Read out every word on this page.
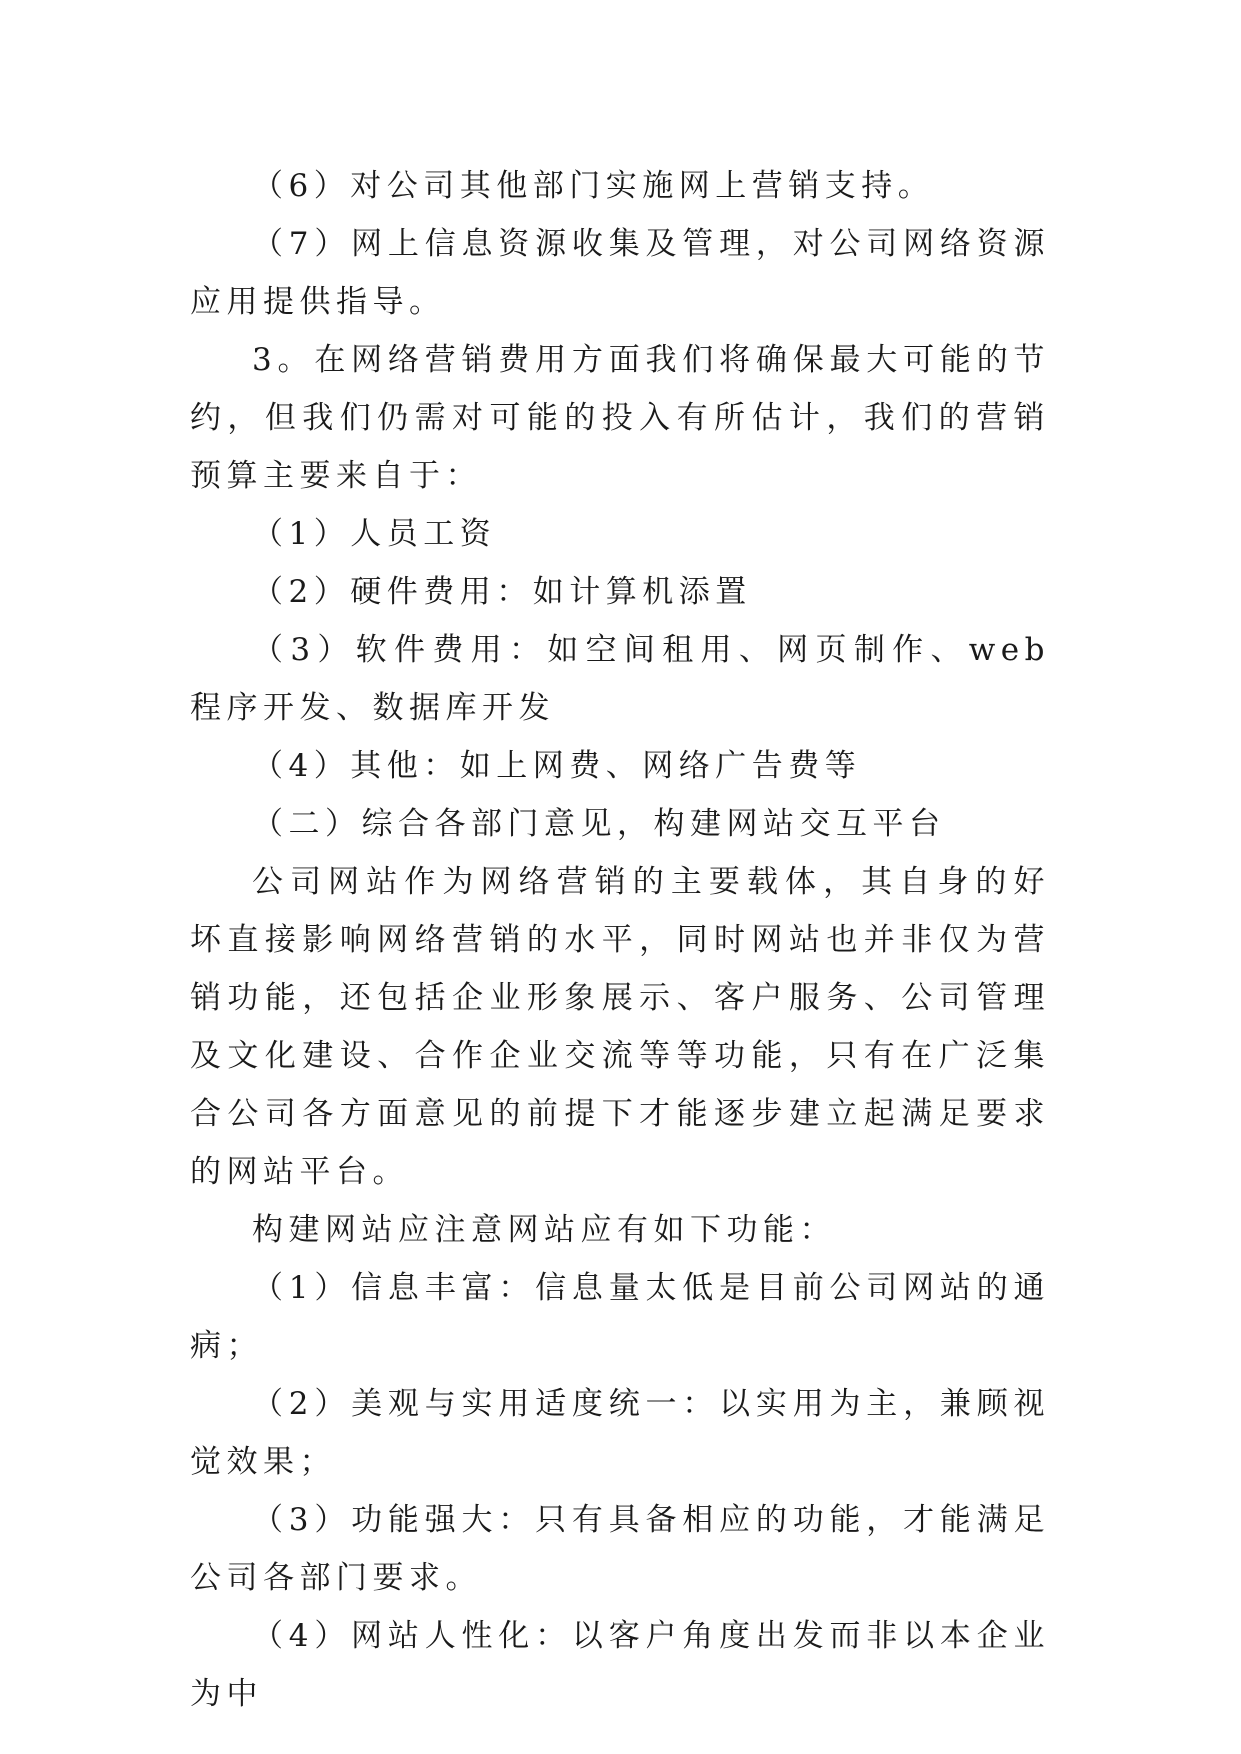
（6）对公司其他部门实施网上营销支持。

（7）网上信息资源收集及管理，对公司网络资源应用提供指导。

3。在网络营销费用方面我们将确保最大可能的节约，但我们仍需对可能的投入有所估计，我们的营销预算主要来自于：

（1）人员工资

（2）硬件费用：如计算机添置

（3）软件费用：如空间租用、网页制作、web程序开发、数据库开发

（4）其他：如上网费、网络广告费等

（二）综合各部门意见，构建网站交互平台

公司网站作为网络营销的主要载体，其自身的好坏直接影响网络营销的水平，同时网站也并非仅为营销功能，还包括企业形象展示、客户服务、公司管理及文化建设、合作企业交流等等功能，只有在广泛集合公司各方面意见的前提下才能逐步建立起满足要求的网站平台。

构建网站应注意网站应有如下功能：

（1）信息丰富：信息量太低是目前公司网站的通病；

（2）美观与实用适度统一：以实用为主，兼顾视觉效果；

（3）功能强大：只有具备相应的功能，才能满足公司各部门要求。

（4）网站人性化：以客户角度出发而非以本企业为中
